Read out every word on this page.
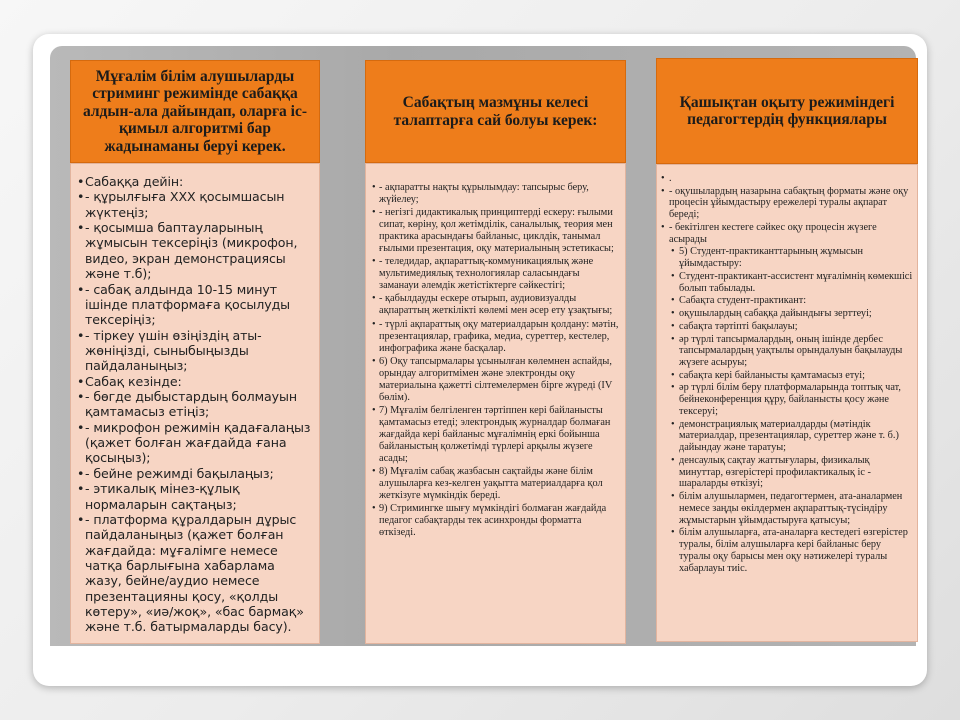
Мұғалім білім алушыларды стриминг режимінде сабаққа алдын-ала дайындап, оларға іс-қимыл алгоритмі бар жадынаманы беруі керек.
• Сабаққа дейін:
• - құрылғыға ХХХ қосымшасын жүктеңіз;
• - қосымша баптауларының жұмысын тексеріңіз (микрофон, видео, экран демонстрациясы және т.б);
• - сабақ алдында 10-15 минут ішінде платформаға қосылуды тексеріңіз;
• - тіркеу үшін өзіңіздің аты-жөніңізді, сыныбыңызды пайдаланыңыз;
• Сабақ кезінде:
• - бөгде дыбыстардың болмауын қамтамасыз етіңіз;
• - микрофон режимін қадағалаңыз (қажет болған жағдайда ғана қосыңыз);
• - бейне режимді бақылаңыз;
• - этикалық мінез-құлық нормаларын сақтаңыз;
• - платформа құралдарын дұрыс пайдаланыңыз (қажет болған жағдайда: мұғалімге немесе чатқа барлығына хабарлама жазу, бейне/аудио немесе презентацияны қосу, «қолды көтеру», «иә/жоқ», «бас бармақ» және т.б. батырмаларды басу).
Сабақтың мазмұны келесі талаптарға сай болуы керек:
• - ақпаратты нақты құрылымдау: тапсырыс беру, жүйелеу;
• - негізгі дидактикалық принциптерді ескеру: ғылыми сипат, көріну, қол жетімділік, саналылық, теория мен практика арасындағы байланыс, циклдік, танымал ғылыми презентация, оқу материалының эстетикасы;
• - теледидар, ақпараттық-коммуникациялық және мультимедиялық технологиялар саласындағы заманауи әлемдік жетістіктерге сәйкестігі;
• - қабылдауды ескере отырып, аудиовизуалды ақпараттың жеткілікті көлемі мен әсер ету ұзақтығы;
• - түрлі ақпараттық оқу материалдарын қолдану: мәтін, презентациялар, графика, медиа, суреттер, кестелер, инфографика және басқалар.
• 6) Оқу тапсырмалары ұсынылған көлемнен аспайды, орындау алгоритмімен және электронды оқу материалына қажетті сілтемелермен бірге жүреді (IV бөлім).
• 7) Мұғалім белгіленген тәртіппен кері байланысты қамтамасыз етеді; электрондық журналдар болмаған жағдайда кері байланыс мұғалімнің еркі бойынша байланыстың қолжетімді түрлері арқылы жүзеге асады;
• 8) Мұғалім сабақ жазбасын сақтайды және білім алушыларға кез-келген уақытта материалдарға қол жеткізуге мүмкіндік береді.
• 9) Стримингке шығу мүмкіндігі болмаған жағдайда педагог сабақтарды тек асинхронды форматта өткізеді.
Қашықтан оқыту режиміндегі педагогтердің функциялары
• .
• - оқушылардың назарына сабақтың форматы және оқу процесін ұйымдастыру ережелері туралы ақпарат береді;
• - бекітілген кестеге сәйкес оқу процесін жүзеге асырады
• 5) Студент-практиканттарының жұмысын ұйымдастыру:
• Студент-практикант-ассистент мұғалімнің көмекшісі болып табылады.
• Сабақта студент-практикант:
• оқушылардың сабаққа дайындығы зерттеуі;
• сабақта тәртіпті бақылауы;
• әр түрлі тапсырмалардың, оның ішінде дербес тапсырмалардың уақтылы орындалуын бақылауды жүзеге асыруы;
• сабақта кері байланысты қамтамасыз етуі;
• әр түрлі білім беру платформаларында топтық чат, бейнеконференция құру, байланысты қосу және тексеруі;
• демонстрациялық материалдарды (мәтіндік материалдар, презентациялар, суреттер және т. б.) дайындау және таратуы;
• денсаулық сақтау жаттығулары, физикалық минуттар, өзгерістері профилактикалық іс - шараларды өткізуі;
• білім алушылармен, педагогтермен, ата-аналармен немесе заңды өкілдермен ақпараттық-түсіндіру жұмыстарын ұйымдастыруға қатысуы;
• білім алушыларға, ата-аналарға кестедегі өзгерістер туралы, білім алушыларға кері байланыс беру туралы оқу барысы мен оқу нәтижелері туралы хабарлауы тиіс.
